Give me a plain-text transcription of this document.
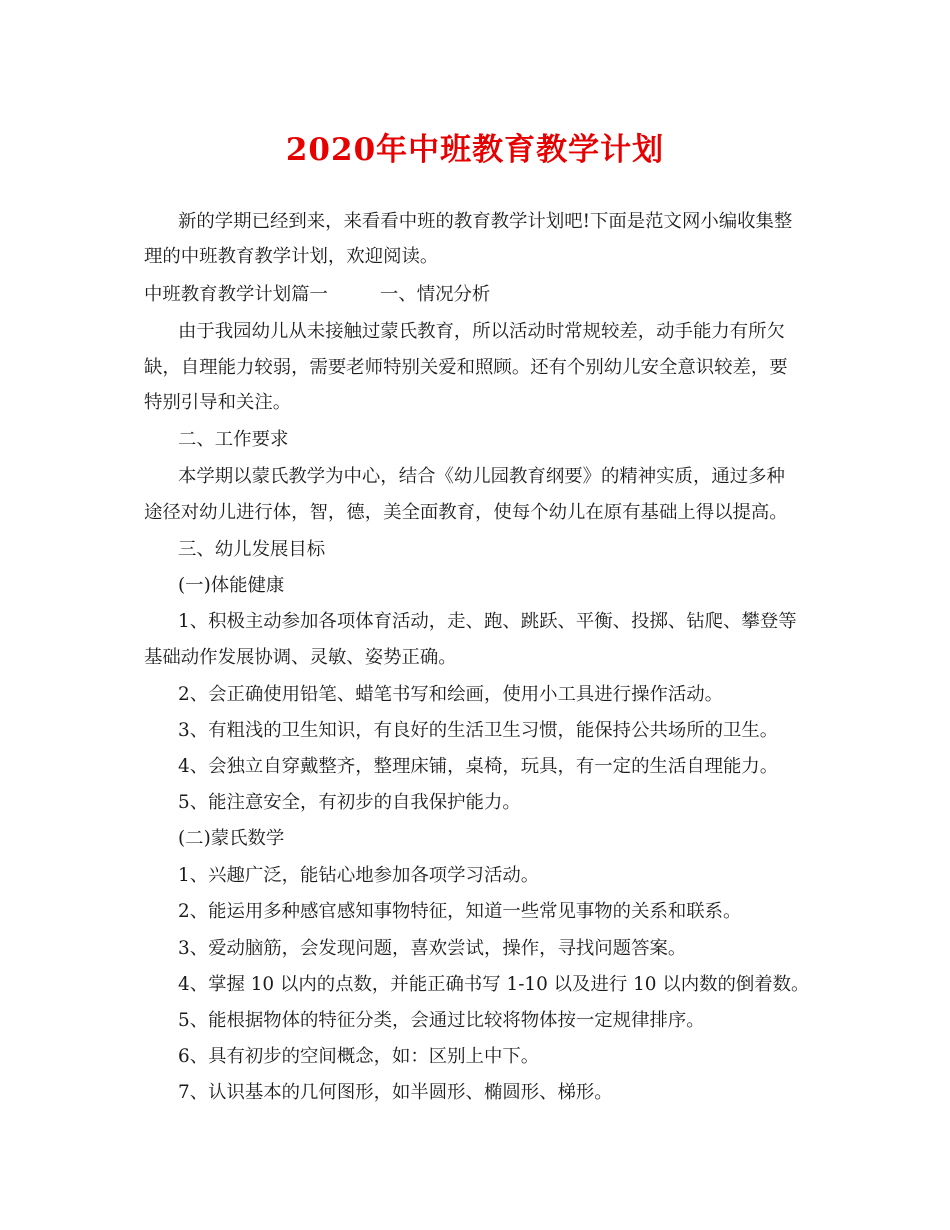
2020年中班教育教学计划

新的学期已经到来，来看看中班的教育教学计划吧!下面是范文网小编收集整

理的中班教育教学计划，欢迎阅读。

中班教育教学计划篇一	一、情况分析

由于我园幼儿从未接触过蒙氏教育，所以活动时常规较差，动手能力有所欠

缺，自理能力较弱，需要老师特别关爱和照顾。还有个别幼儿安全意识较差，要

特别引导和关注。

二、工作要求

本学期以蒙氏教学为中心，结合《幼儿园教育纲要》的精神实质，通过多种

途径对幼儿进行体，智，德，美全面教育，使每个幼儿在原有基础上得以提高。

三、幼儿发展目标

(一)体能健康

1、积极主动参加各项体育活动，走、跑、跳跃、平衡、投掷、钻爬、攀登等

基础动作发展协调、灵敏、姿势正确。

2、会正确使用铅笔、蜡笔书写和绘画，使用小工具进行操作活动。

3、有粗浅的卫生知识，有良好的生活卫生习惯，能保持公共场所的卫生。

4、会独立自穿戴整齐，整理床铺，桌椅，玩具，有一定的生活自理能力。

5、能注意安全，有初步的自我保护能力。

(二)蒙氏数学

1、兴趣广泛，能钻心地参加各项学习活动。

2、能运用多种感官感知事物特征，知道一些常见事物的关系和联系。

3、爱动脑筋，会发现问题，喜欢尝试，操作，寻找问题答案。

4、掌握 10 以内的点数，并能正确书写 1-10 以及进行 10 以内数的倒着数。

5、能根据物体的特征分类，会通过比较将物体按一定规律排序。

6、具有初步的空间概念，如：区别上中下。

7、认识基本的几何图形，如半圆形、椭圆形、梯形。
